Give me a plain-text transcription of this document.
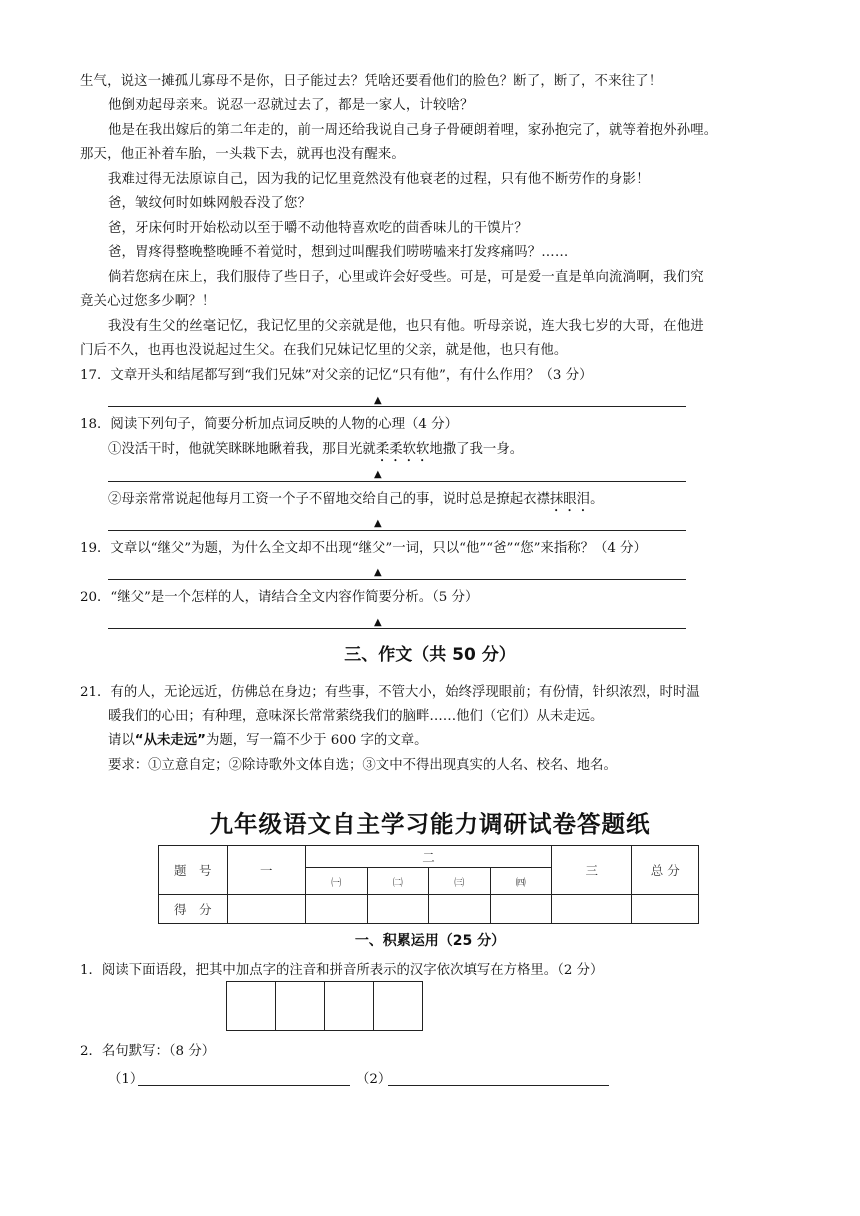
生气，说这一摊孤儿寡母不是你，日子能过去？凭啥还要看他们的脸色？断了，断了，不来往了！
他倒劝起母亲来。说忍一忍就过去了，都是一家人，计较啥？
他是在我出嫁后的第二年走的，前一周还给我说自己身子骨硬朗着哩，家孙抱完了，就等着抱外孙哩。
那天，他正补着车胎，一头栽下去，就再也没有醒来。
我难过得无法原谅自己，因为我的记忆里竟然没有他衰老的过程，只有他不断劳作的身影！
爸，皱纹何时如蛛网般吞没了您？
爸，牙床何时开始松动以至于嚼不动他特喜欢吃的茴香味儿的干馍片？
爸，胃疼得整晚整晚睡不着觉时，想到过叫醒我们唠唠嗑来打发疼痛吗？……
倘若您病在床上，我们服侍了些日子，心里或许会好受些。可是，可是爱一直是单向流淌啊，我们究
竟关心过您多少啊？！
我没有生父的丝毫记忆，我记忆里的父亲就是他，也只有他。听母亲说，连大我七岁的大哥，在他进
门后不久，也再也没说起过生父。在我们兄妹记忆里的父亲，就是他，也只有他。
17．文章开头和结尾都写到“我们兄妹”对父亲的记忆“只有他”，有什么作用？（3 分）
▲
18．阅读下列句子，简要分析加点词反映的人物的心理（4 分）
①没活干时，他就笑眯眯地瞅着我，那目光就柔柔软软地撒了我一身。
▲
②母亲常常说起他每月工资一个子不留地交给自己的事，说时总是撩起衣襟抹眼泪。
▲
19．文章以“继父”为题，为什么全文却不出现“继父”一词，只以“他”“爸”“您”来指称？（4 分）
▲
20．“继父”是一个怎样的人，请结合全文内容作简要分析。（5 分）
▲
三、作文（共 50 分）
21．有的人，无论远近，仿佛总在身边；有些事，不管大小，始终浮现眼前；有份情，针织浓烈，时时温
暖我们的心田；有种理，意味深长常常萦绕我们的脑畔……他们（它们）从未走远。
请以“从未走远”为题，写一篇不少于 600 字的文章。
要求：①立意自定；②除诗歌外文体自选；③文中不得出现真实的人名、校名、地名。
九年级语文自主学习能力调研试卷答题纸
题　号	一	二				三	总 分
		㈠	㈡	㈢	㈣		
得　分							
一、积累运用（25 分）
1．阅读下面语段，把其中加点字的注音和拼音所表示的汉字依次填写在方格里。（2 分）
2．名句默写：（8 分）
（1）	（2）
